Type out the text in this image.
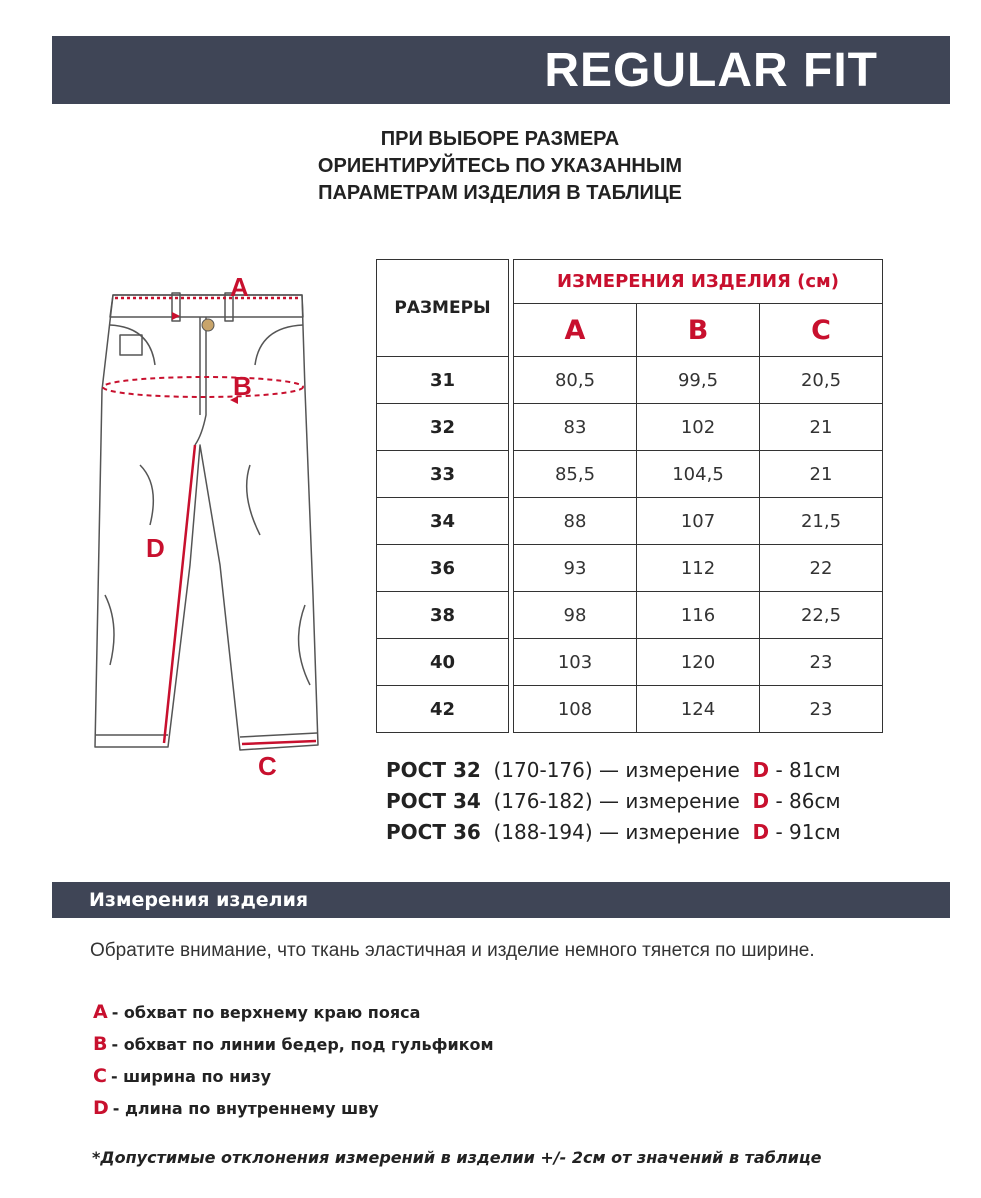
REGULAR FIT
ПРИ ВЫБОРЕ РАЗМЕРА
ОРИЕНТИРУЙТЕСЬ ПО УКАЗАННЫМ
ПАРАМЕТРАМ ИЗДЕЛИЯ В ТАБЛИЦЕ
A
B
C
D
РАЗМЕРЫ		ИЗМЕРЕНИЯ ИЗДЕЛИЯ (см)		
		A	B	C
31		80,5	99,5	20,5
32		83	102	21
33		85,5	104,5	21
34		88	107	21,5
36		93	112	22
38		98	116	22,5
40		103	120	23
42		108	124	23
РОСТ 32 (170-176) — измерение D - 81см
РОСТ 34 (176-182) — измерение D - 86см
РОСТ 36 (188-194) — измерение D - 91см
Измерения изделия
Обратите внимание, что ткань эластичная и изделие немного тянется по ширине.
A - обхват по верхнему краю пояса
B - обхват по линии бедер, под гульфиком
C - ширина по низу
D - длина по внутреннему шву
*Допустимые отклонения измерений в изделии +/- 2см от значений в таблице
